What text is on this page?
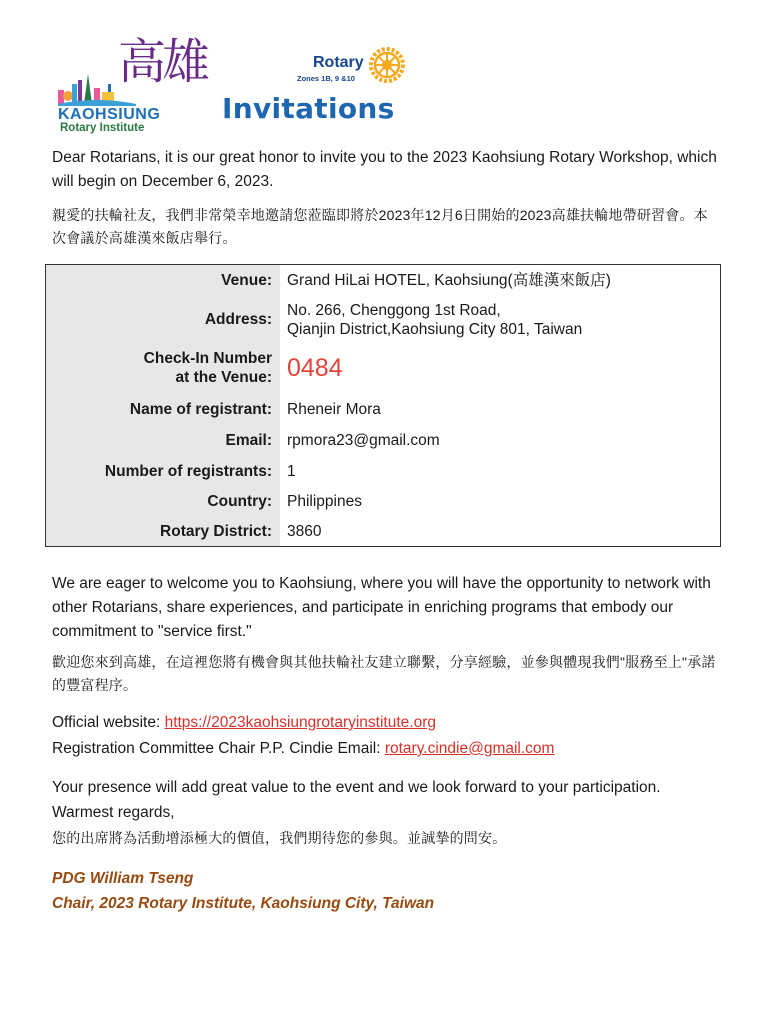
高雄
KAOHSIUNG
Rotary Institute
Rotary
Zones 1B, 9 &10
Invitations

Dear Rotarians, it is our great honor to invite you to the 2023 Kaohsiung Rotary Workshop, which will begin on December 6, 2023.

親愛的扶輪社友，我們非常榮幸地邀請您蒞臨即將於2023年12月6日開始的2023高雄扶輪地帶研習會。本次會議於高雄漢來飯店舉行。

Venue: Grand HiLai HOTEL, Kaohsiung(高雄漢來飯店)
Address:
No. 266, Chenggong 1st Road,
Qianjin District,Kaohsiung City 801, Taiwan
Check-In Number
at the Venue: 0484
Name of registrant: Rheneir Mora
Email: rpmora23@gmail.com
Number of registrants: 1
Country: Philippines
Rotary District: 3860

We are eager to welcome you to Kaohsiung, where you will have the opportunity to network with other Rotarians, share experiences, and participate in enriching programs that embody our commitment to "service first."

歡迎您來到高雄，在這裡您將有機會與其他扶輪社友建立聯繫，分享經驗，並參與體現我們"服務至上"承諾的豐富程序。

Official website: https://2023kaohsiungrotaryinstitute.org

Registration Committee Chair P.P. Cindie Email: rotary.cindie@gmail.com

Your presence will add great value to the event and we look forward to your participation.

Warmest regards,

您的出席將為活動增添極大的價值，我們期待您的參與。並誠摯的問安。

PDG William Tseng
Chair, 2023 Rotary Institute, Kaohsiung City, Taiwan
